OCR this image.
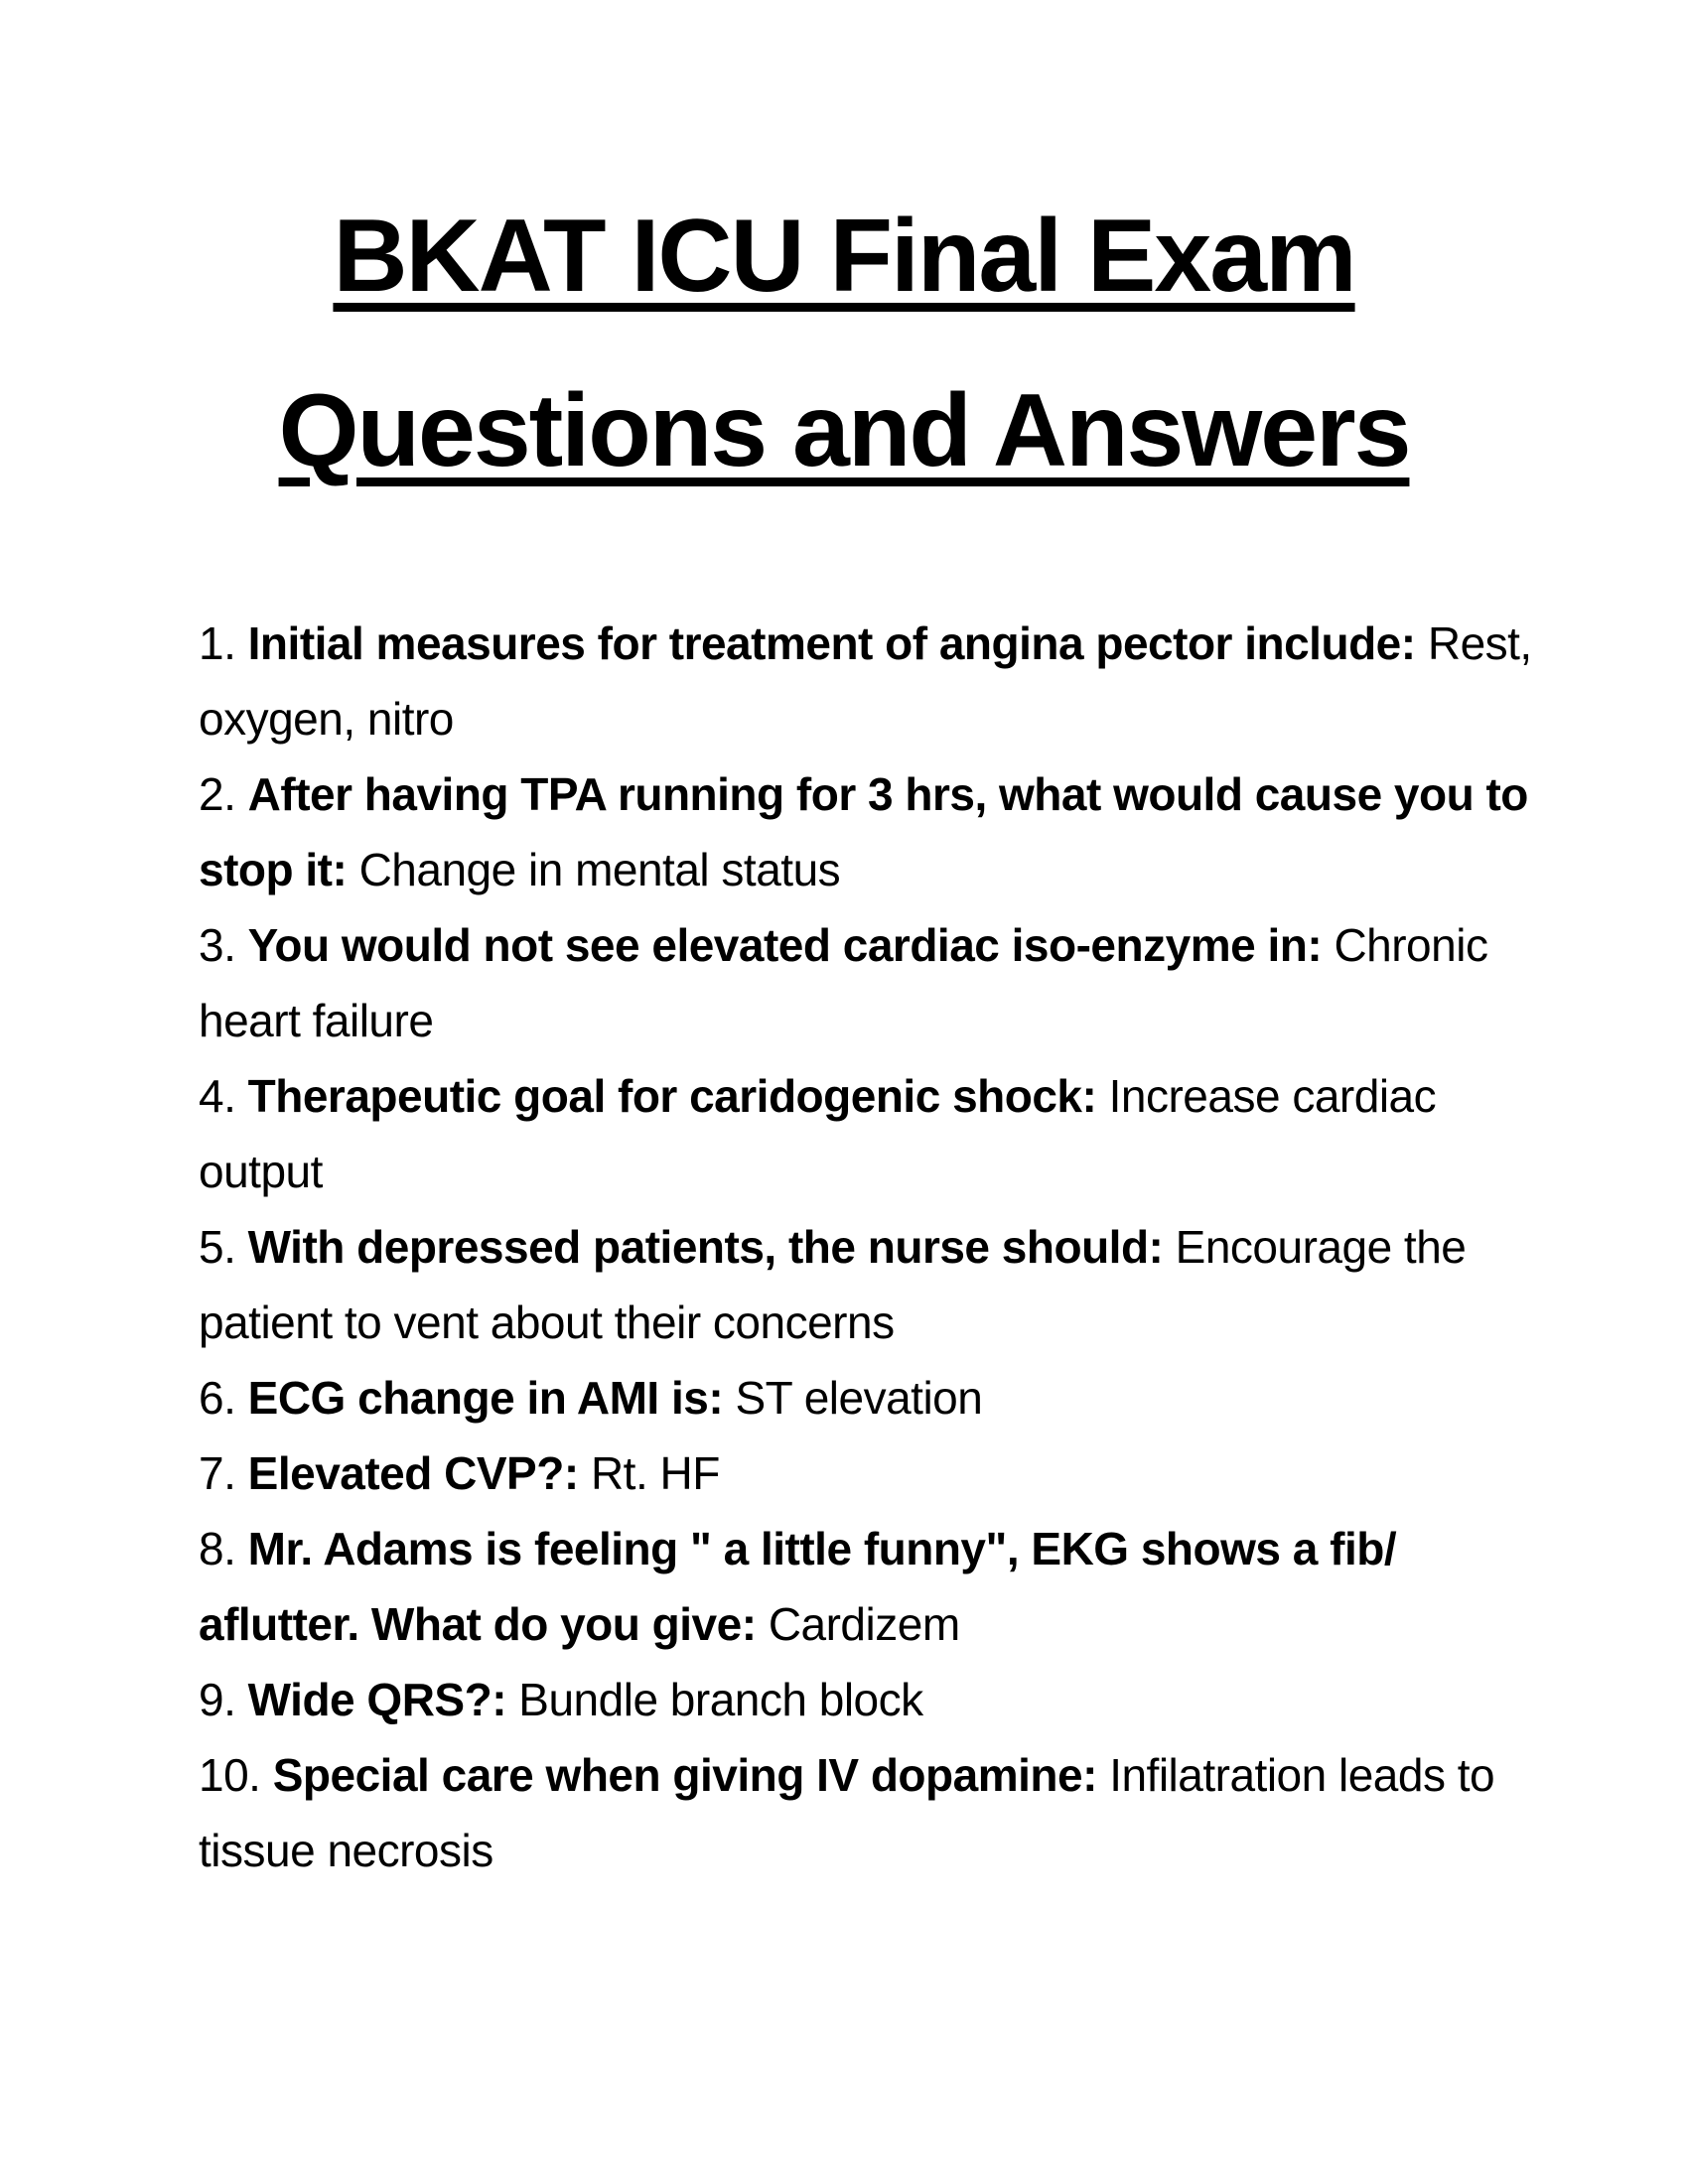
BKAT ICU Final Exam
Questions and Answers

1. Initial measures for treatment of angina pector include: Rest, oxygen, nitro

2. After having TPA running for 3 hrs, what would cause you to stop it: Change in mental status

3. You would not see elevated cardiac iso-enzyme in: Chronic heart failure

4. Therapeutic goal for caridogenic shock: Increase cardiac output

5. With depressed patients, the nurse should: Encourage the patient to vent about their concerns

6. ECG change in AMI is: ST elevation

7. Elevated CVP?: Rt. HF

8. Mr. Adams is feeling " a little funny", EKG shows a fib/ aflutter. What do you give: Cardizem

9. Wide QRS?: Bundle branch block

10. Special care when giving IV dopamine: Infilatration leads to tissue necrosis
